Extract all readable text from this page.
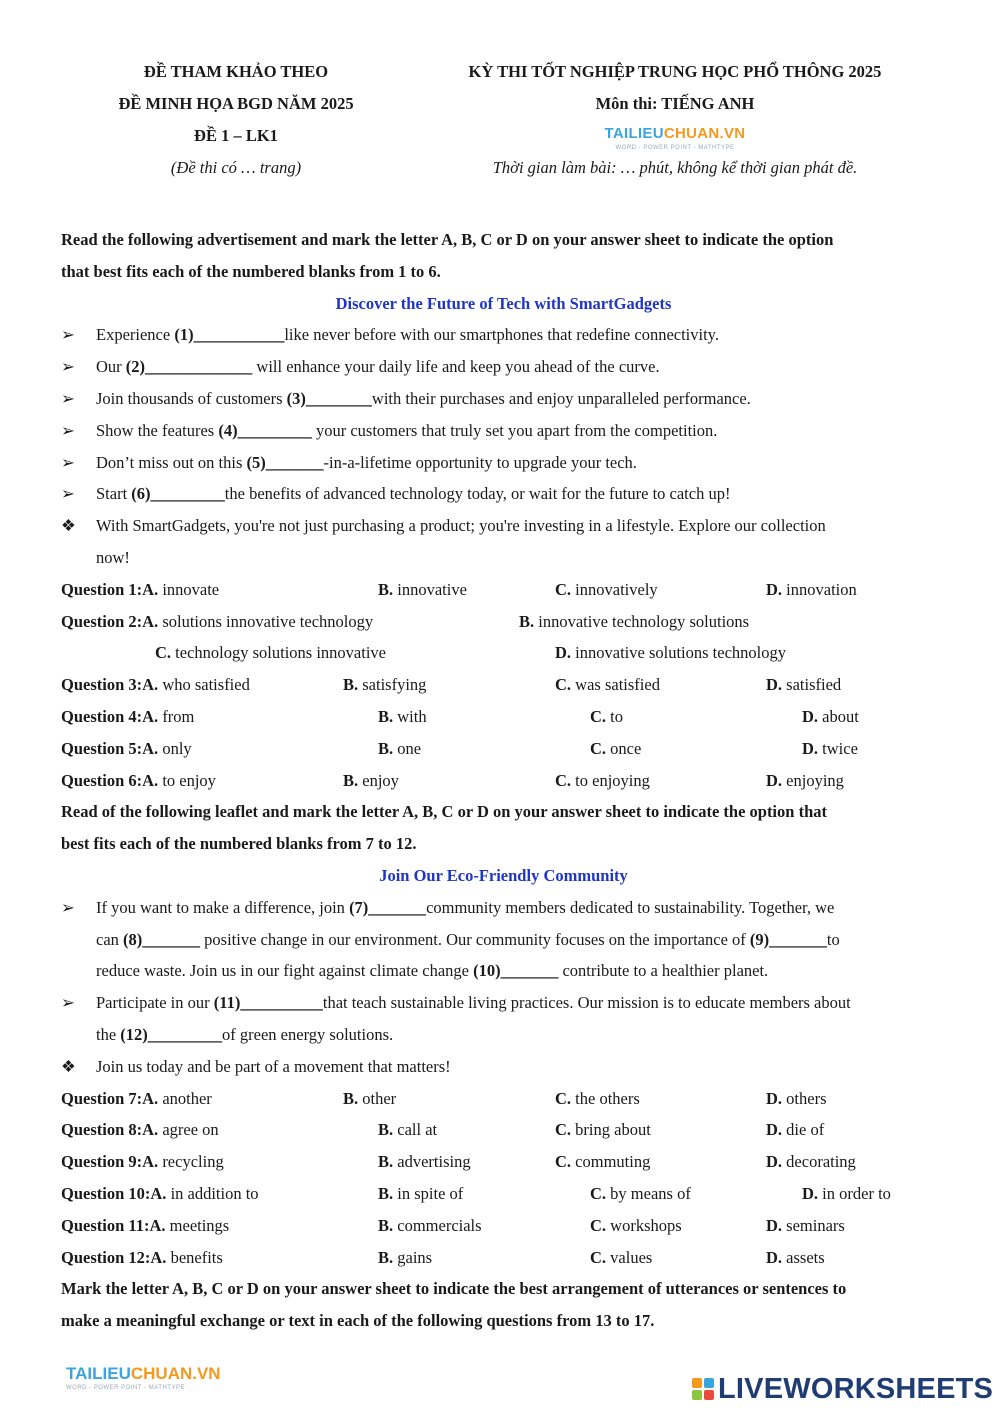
ĐỀ THAM KHẢO THEO
ĐỀ MINH HỌA BGD NĂM 2025
ĐỀ 1 – LK1
(Đề thi có … trang)
KỲ THI TỐT NGHIỆP TRUNG HỌC PHỔ THÔNG 2025
Môn thi: TIẾNG ANH
TAILIEUCHUAN.VN
WORD - POWER POINT - MATHTYPE
Thời gian làm bài: … phút, không kể thời gian phát đề.
Read the following advertisement and mark the letter A, B, C or D on your answer sheet to indicate the option
that best fits each of the numbered blanks from 1 to 6.
Discover the Future of Tech with SmartGadgets
➢	Experience (1)___________like never before with our smartphones that redefine connectivity.
➢	Our (2)_____________ will enhance your daily life and keep you ahead of the curve.
➢	Join thousands of customers (3)________with their purchases and enjoy unparalleled performance.
➢	Show the features (4)_________ your customers that truly set you apart from the competition.
➢	Don’t miss out on this (5)_______-in-a-lifetime opportunity to upgrade your tech.
➢	Start (6)_________the benefits of advanced technology today, or wait for the future to catch up!
❖	With SmartGadgets, you're not just purchasing a product; you're investing in a lifestyle. Explore our collection
now!
Question 1:A. innovate	B. innovative	C. innovatively	D. innovation
Question 2:A. solutions innovative technology	B. innovative technology solutions
C. technology solutions innovative	D. innovative solutions technology
Question 3:A. who satisfied	B. satisfying	C. was satisfied	D. satisfied
Question 4:A. from	B. with	C. to	D. about
Question 5:A. only	B. one	C. once	D. twice
Question 6:A. to enjoy	B. enjoy	C. to enjoying	D. enjoying
Read of the following leaflet and mark the letter A, B, C or D on your answer sheet to indicate the option that
best fits each of the numbered blanks from 7 to 12.
Join Our Eco-Friendly Community
➢	If you want to make a difference, join (7)_______community members dedicated to sustainability. Together, we
can (8)_______ positive change in our environment. Our community focuses on the importance of (9)_______to
reduce waste. Join us in our fight against climate change (10)_______ contribute to a healthier planet.
➢	Participate in our (11)__________that teach sustainable living practices. Our mission is to educate members about
the (12)_________of green energy solutions.
❖	Join us today and be part of a movement that matters!
Question 7:A. another	B. other	C. the others	D. others
Question 8:A. agree on	B. call at	C. bring about	D. die of
Question 9:A. recycling	B. advertising	C. commuting	D. decorating
Question 10:A. in addition to	B. in spite of	C. by means of	D. in order to
Question 11:A. meetings	B. commercials	C. workshops	D. seminars
Question 12:A. benefits	B. gains	C. values	D. assets
Mark the letter A, B, C or D on your answer sheet to indicate the best arrangement of utterances or sentences to
make a meaningful exchange or text in each of the following questions from 13 to 17.
TAILIEUCHUAN.VN
WORD - POWER POINT - MATHTYPE	LIVEWORKSHEETS
